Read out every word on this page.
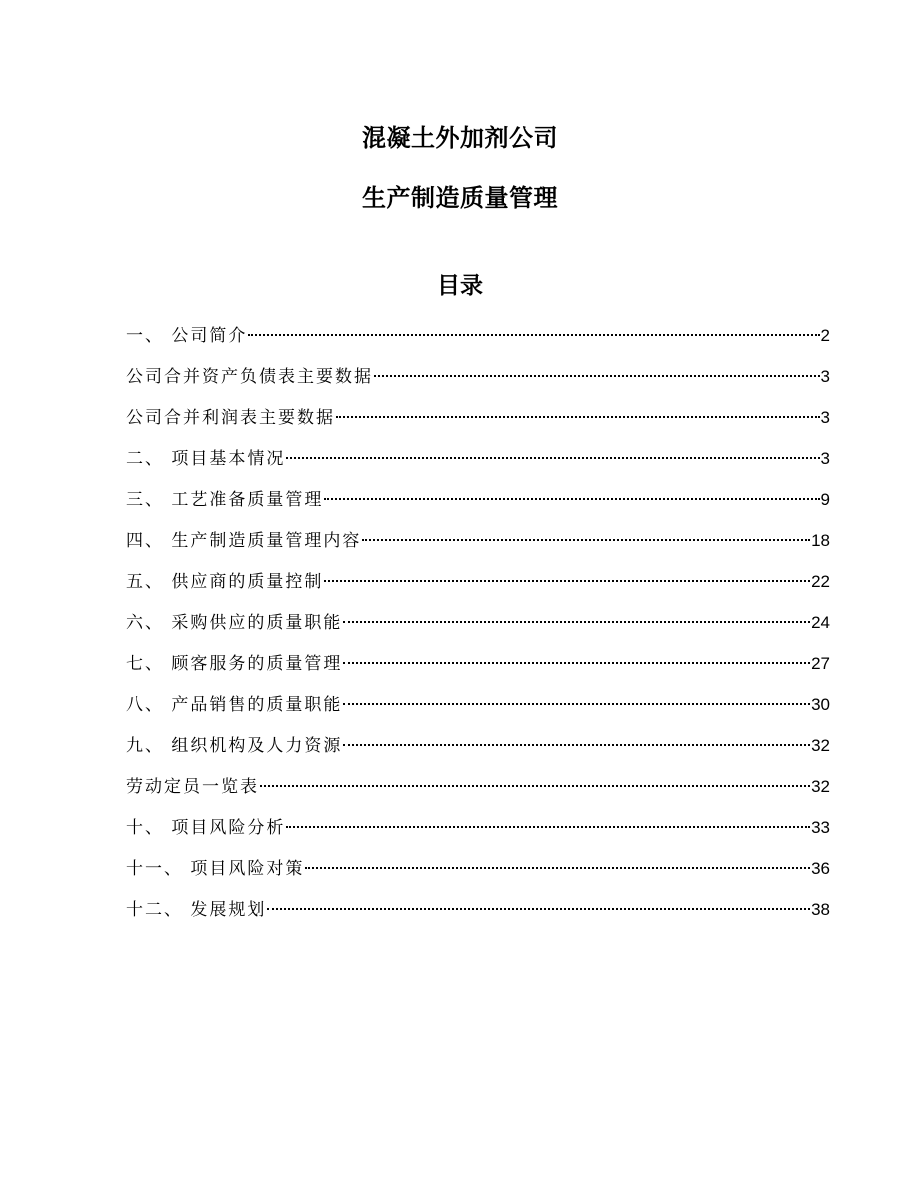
混凝土外加剂公司
生产制造质量管理
目录
一、 公司简介	2
公司合并资产负债表主要数据	3
公司合并利润表主要数据	3
二、 项目基本情况	3
三、 工艺准备质量管理	9
四、 生产制造质量管理内容	18
五、 供应商的质量控制	22
六、 采购供应的质量职能	24
七、 顾客服务的质量管理	27
八、 产品销售的质量职能	30
九、 组织机构及人力资源	32
劳动定员一览表	32
十、 项目风险分析	33
十一、 项目风险对策	36
十二、 发展规划	38
